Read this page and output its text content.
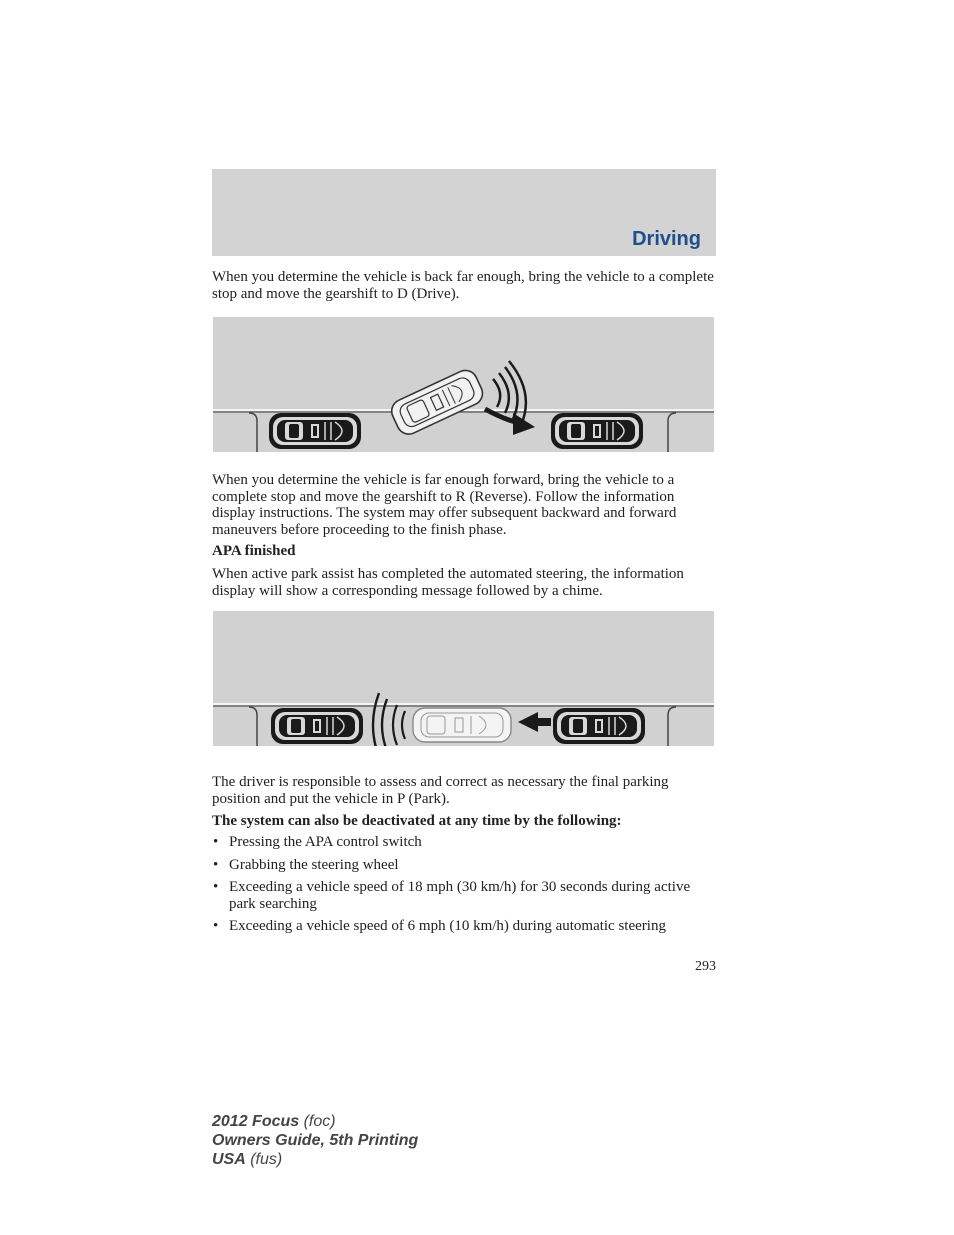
Driving

When you determine the vehicle is back far enough, bring the vehicle to a complete stop and move the gearshift to D (Drive).

When you determine the vehicle is far enough forward, bring the vehicle to a complete stop and move the gearshift to R (Reverse). Follow the information display instructions. The system may offer subsequent backward and forward maneuvers before proceeding to the finish phase.

APA finished

When active park assist has completed the automated steering, the information display will show a corresponding message followed by a chime.

The driver is responsible to assess and correct as necessary the final parking position and put the vehicle in P (Park).

The system can also be deactivated at any time by the following:

• Pressing the APA control switch
• Grabbing the steering wheel
• Exceeding a vehicle speed of 18 mph (30 km/h) for 30 seconds during active park searching
• Exceeding a vehicle speed of 6 mph (10 km/h) during automatic steering
293
2012 Focus (foc)
Owners Guide, 5th Printing
USA (fus)
